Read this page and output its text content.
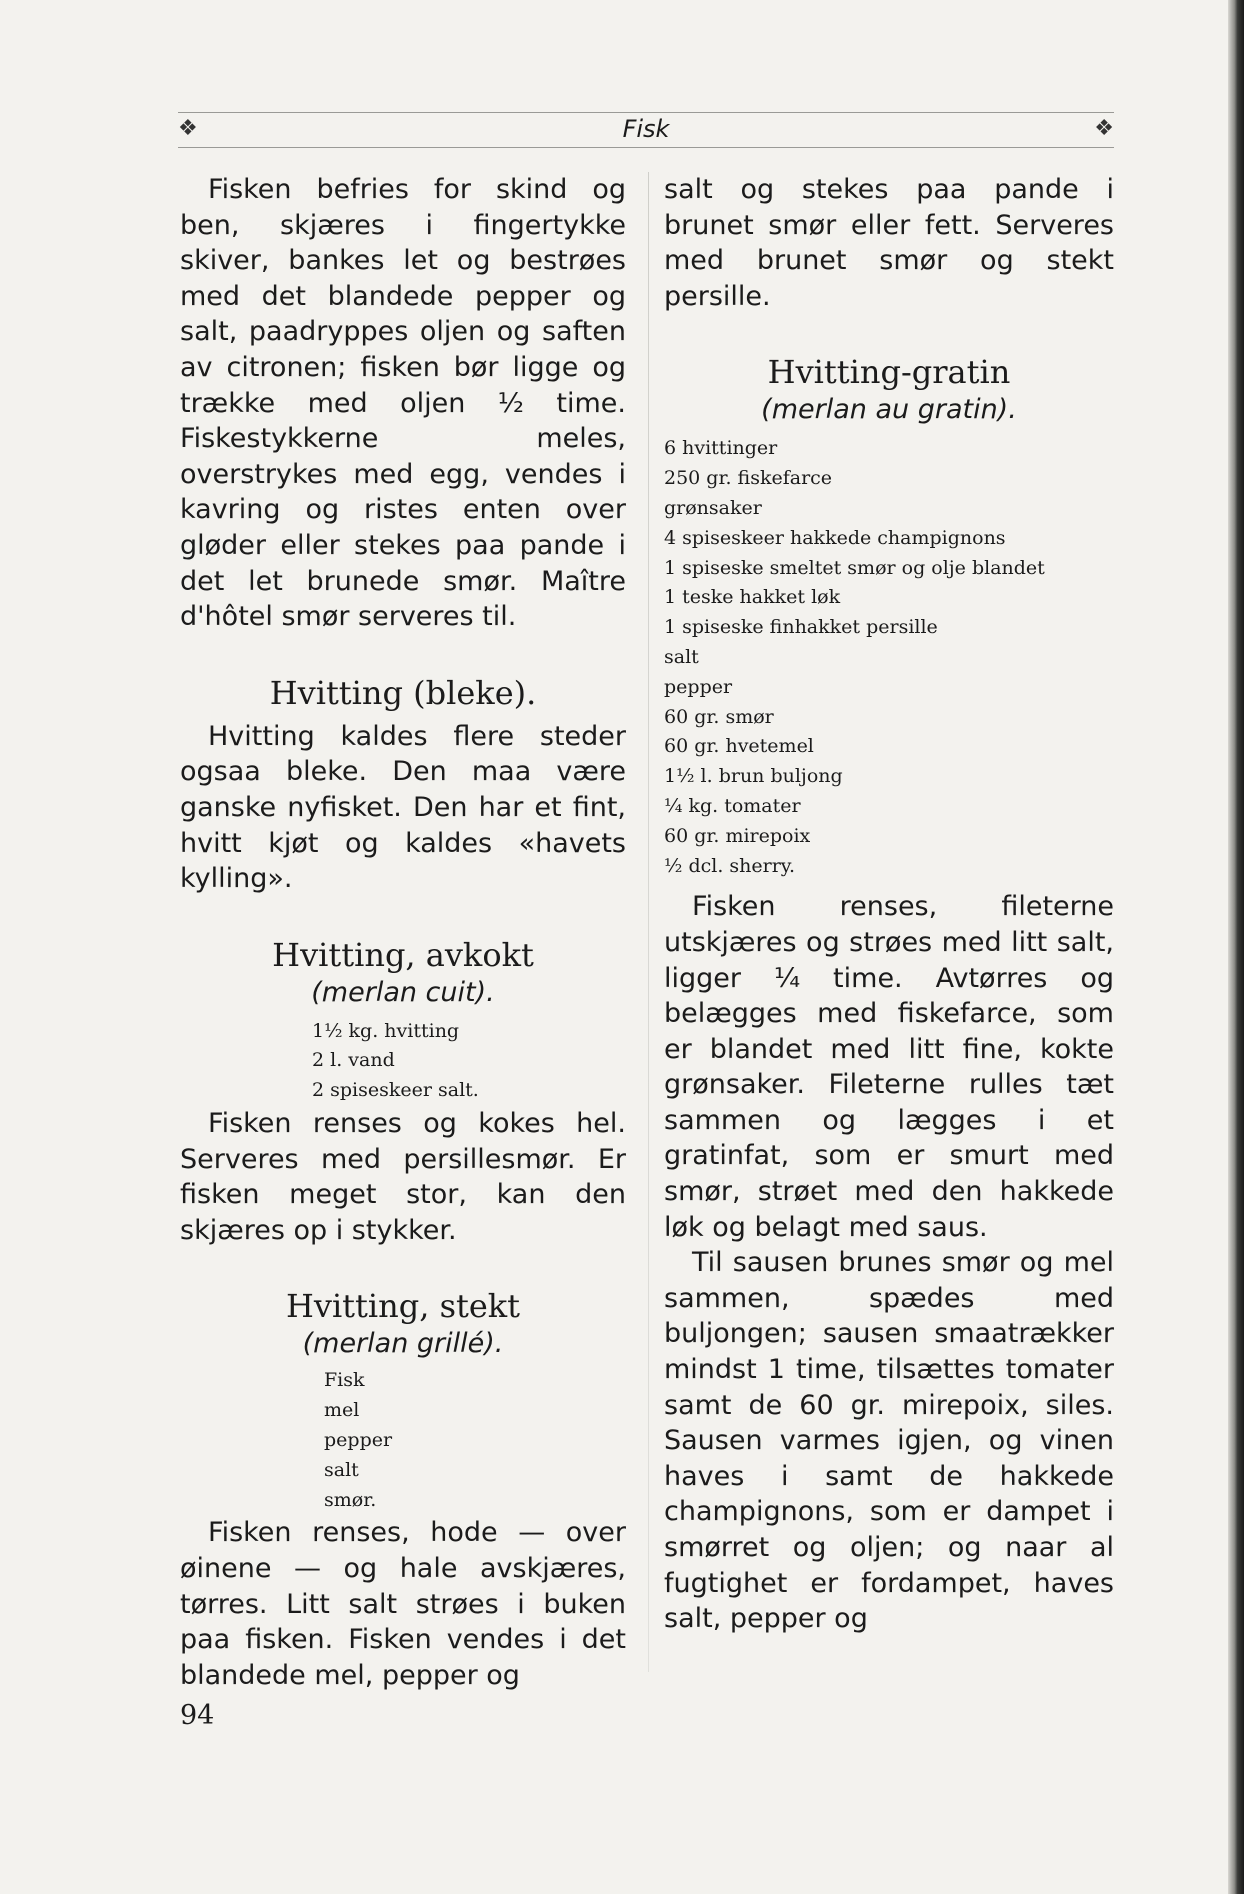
❖	Fisk	❖

Fisken befries for skind og ben, skjæres i fingertykke skiver, bankes let og bestrøes med det blandede pepper og salt, paadryppes oljen og saften av citronen; fisken bør ligge og trække med oljen ½ time. Fiskestykkerne meles, overstrykes med egg, vendes i kavring og ristes enten over gløder eller stekes paa pande i det let brunede smør. Maître d'hôtel smør serveres til.

Hvitting (bleke).

Hvitting kaldes flere steder ogsaa bleke. Den maa være ganske nyfisket. Den har et fint, hvitt kjøt og kaldes «havets kylling».

Hvitting, avkokt
(merlan cuit).
1½ kg. hvitting
2 l. vand
2 spiseskeer salt.

Fisken renses og kokes hel. Serveres med persillesmør. Er fisken meget stor, kan den skjæres op i stykker.

Hvitting, stekt
(merlan grillé).
Fisk
mel
pepper
salt
smør.

Fisken renses, hode — over øinene — og hale avskjæres, tørres. Litt salt strøes i buken paa fisken. Fisken vendes i det blandede mel, pepper og

salt og stekes paa pande i brunet smør eller fett. Serveres med brunet smør og stekt persille.

Hvitting-gratin
(merlan au gratin).
6 hvittinger
250 gr. fiskefarce
grønsaker
4 spiseskeer hakkede champignons
1 spiseske smeltet smør og olje blandet
1 teske hakket løk
1 spiseske finhakket persille
salt
pepper
60 gr. smør
60 gr. hvetemel
1½ l. brun buljong
¼ kg. tomater
60 gr. mirepoix
½ dcl. sherry.

Fisken renses, fileterne utskjæres og strøes med litt salt, ligger ¼ time. Avtørres og belægges med fiskefarce, som er blandet med litt fine, kokte grønsaker. Fileterne rulles tæt sammen og lægges i et gratinfat, som er smurt med smør, strøet med den hakkede løk og belagt med saus.

Til sausen brunes smør og mel sammen, spædes med buljongen; sausen smaatrækker mindst 1 time, tilsættes tomater samt de 60 gr. mirepoix, siles. Sausen varmes igjen, og vinen haves i samt de hakkede champignons, som er dampet i smørret og oljen; og naar al fugtighet er fordampet, haves salt, pepper og

94
